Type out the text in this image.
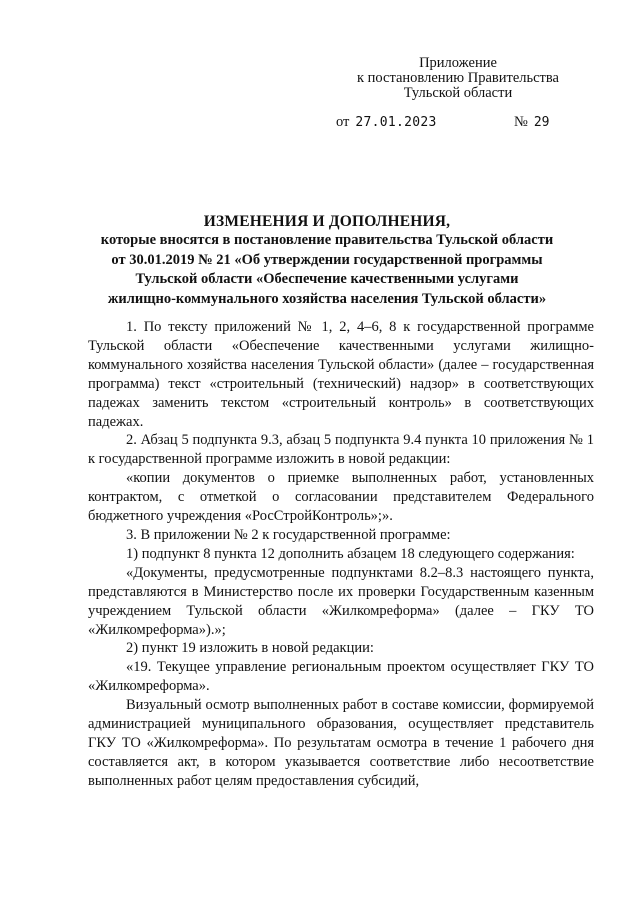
Приложение
к постановлению Правительства
Тульской области
от 27.01.2023	№ 29
ИЗМЕНЕНИЯ И ДОПОЛНЕНИЯ,
которые вносятся в постановление правительства Тульской области
от 30.01.2019 № 21 «Об утверждении государственной программы
Тульской области «Обеспечение качественными услугами
жилищно-коммунального хозяйства населения Тульской области»

1. По тексту приложений № 1, 2, 4–6, 8 к государственной программе Тульской области «Обеспечение качественными услугами жилищно-коммунального хозяйства населения Тульской области» (далее – государственная программа) текст «строительный (технический) надзор» в соответствующих падежах заменить текстом «строительный контроль» в соответствующих падежах.

2. Абзац 5 подпункта 9.3, абзац 5 подпункта 9.4 пункта 10 приложения № 1 к государственной программе изложить в новой редакции:

«копии документов о приемке выполненных работ, установленных контрактом, с отметкой о согласовании представителем Федерального бюджетного учреждения «РосСтройКонтроль»;».

3. В приложении № 2 к государственной программе:

1) подпункт 8 пункта 12 дополнить абзацем 18 следующего содержания:

«Документы, предусмотренные подпунктами 8.2–8.3 настоящего пункта, представляются в Министерство после их проверки Государственным казенным учреждением Тульской области «Жилкомреформа» (далее – ГКУ ТО «Жилкомреформа»).»;

2) пункт 19 изложить в новой редакции:

«19. Текущее управление региональным проектом осуществляет ГКУ ТО «Жилкомреформа».

Визуальный осмотр выполненных работ в составе комиссии, формируемой администрацией муниципального образования, осуществляет представитель ГКУ ТО «Жилкомреформа». По результатам осмотра в течение 1 рабочего дня составляется акт, в котором указывается соответствие либо несоответствие выполненных работ целям предоставления субсидий,
